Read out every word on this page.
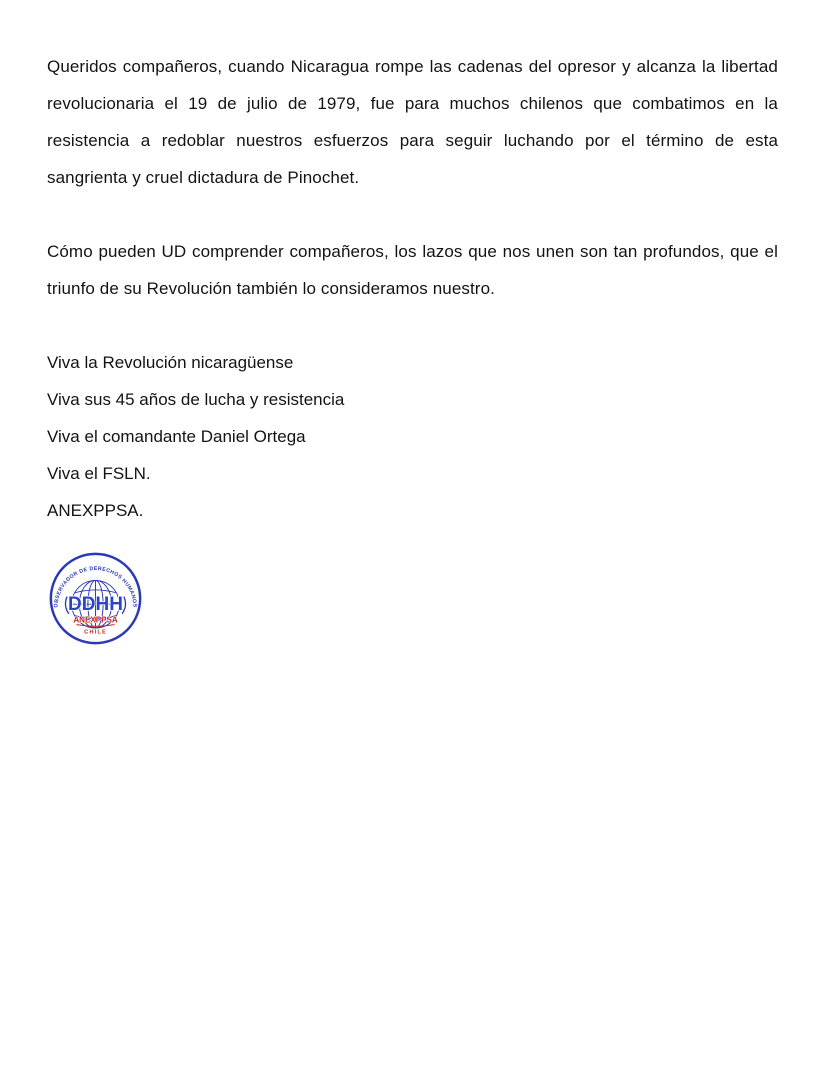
Queridos compañeros, cuando Nicaragua rompe las cadenas del opresor y alcanza la libertad revolucionaria el 19 de julio de 1979, fue para muchos chilenos que combatimos en la resistencia a redoblar nuestros esfuerzos para seguir luchando por el término de esta sangrienta y cruel dictadura de Pinochet.

Cómo pueden UD comprender compañeros, los lazos que nos unen son tan profundos, que el triunfo de su Revolución también lo consideramos nuestro.

Viva la Revolución nicaragüense
Viva sus 45 años de lucha y resistencia
Viva el comandante Daniel Ortega
Viva el FSLN.
ANEXPPSA.
OBSERVADOR DE DERECHOS HUMANOS
DDHH
ANEXPPSA
CHILE
